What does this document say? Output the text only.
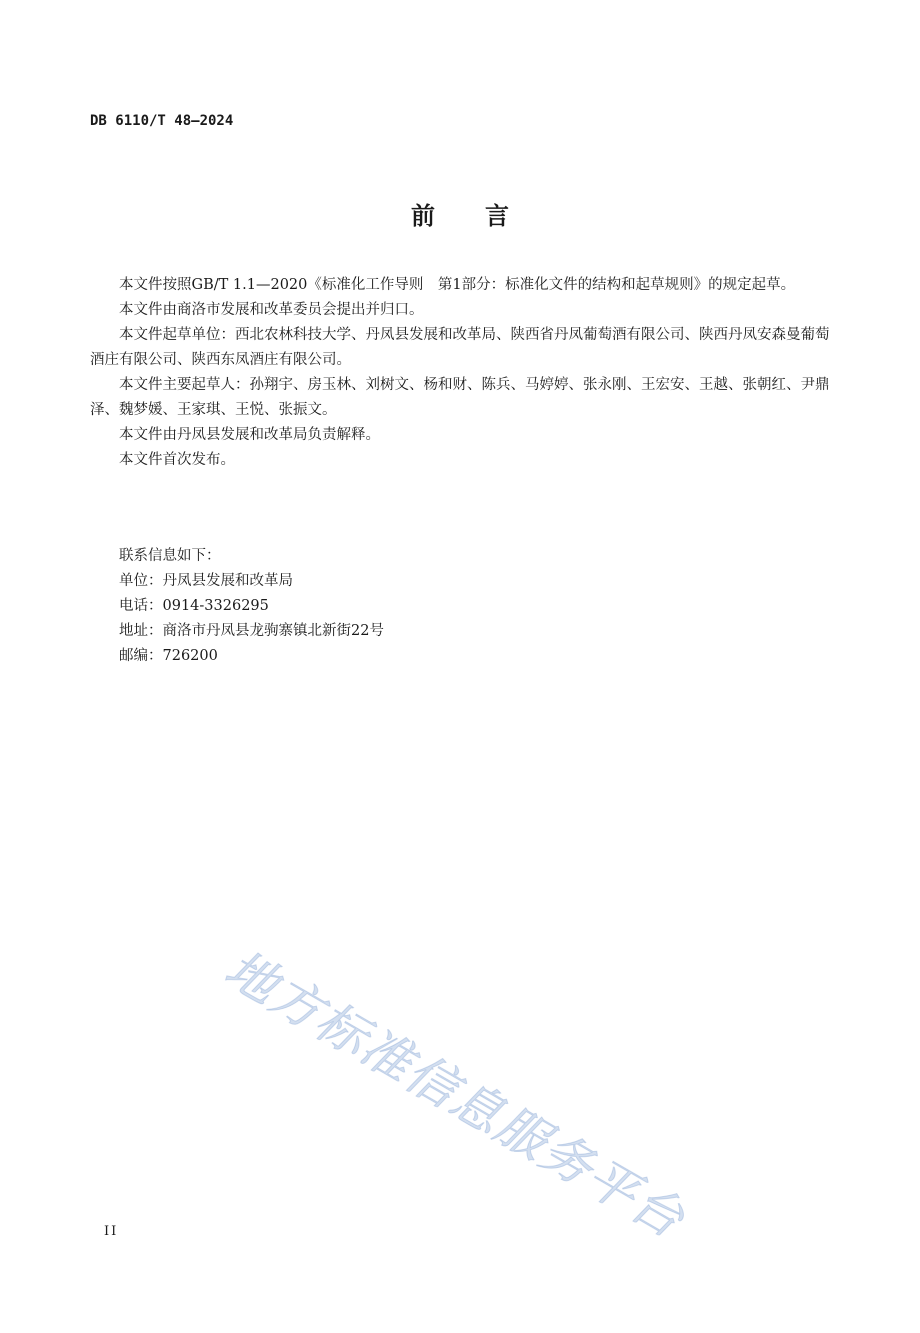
DB 6110/T 48—2024
前 言

本文件按照GB/T 1.1—2020《标准化工作导则　第1部分：标准化文件的结构和起草规则》的规定起草。

本文件由商洛市发展和改革委员会提出并归口。

本文件起草单位：西北农林科技大学、丹凤县发展和改革局、陕西省丹凤葡萄酒有限公司、陕西丹凤安森曼葡萄酒庄有限公司、陕西东凤酒庄有限公司。

本文件主要起草人：孙翔宇、房玉林、刘树文、杨和财、陈兵、马婷婷、张永刚、王宏安、王越、张朝红、尹鼎泽、魏梦媛、王家琪、王悦、张振文。

本文件由丹凤县发展和改革局负责解释。

本文件首次发布。

联系信息如下：

单位：丹凤县发展和改革局

电话：0914-3326295

地址：商洛市丹凤县龙驹寨镇北新街22号

邮编：726200

地方标准信息服务平台
II
